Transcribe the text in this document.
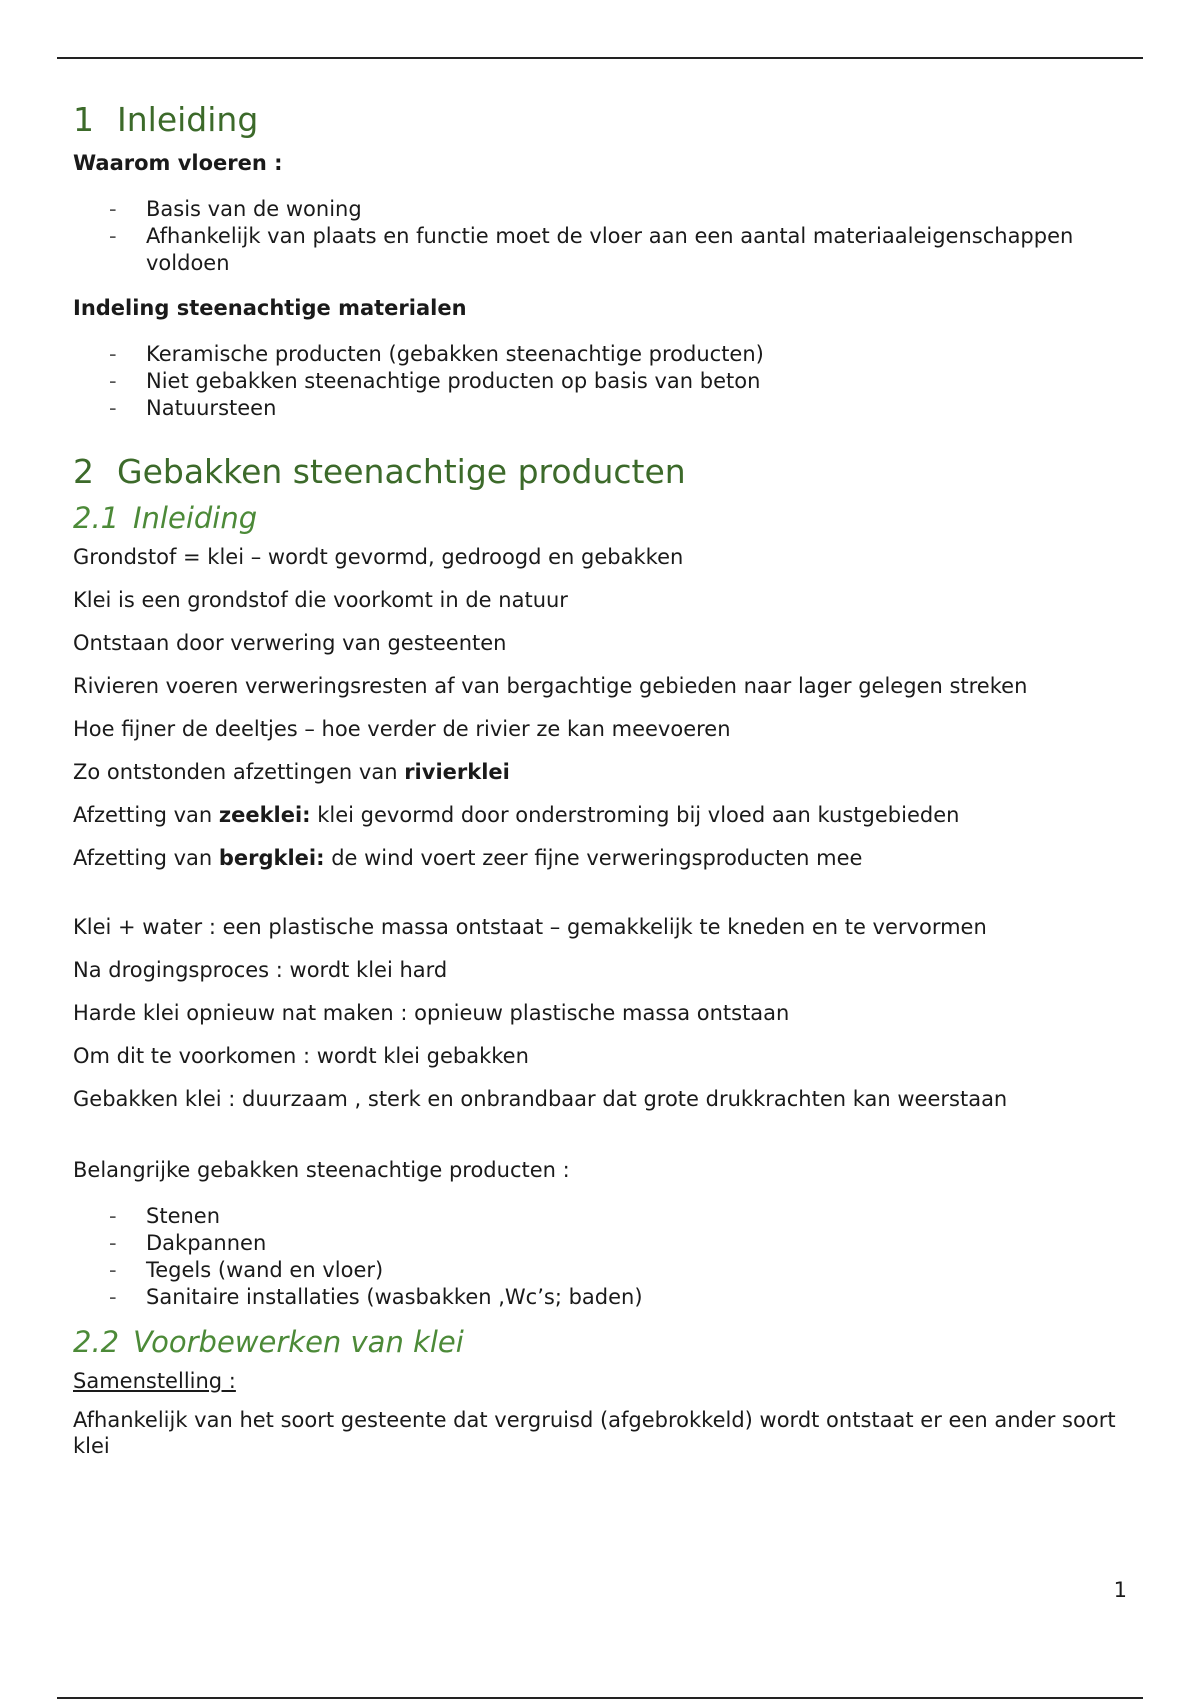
1 Inleiding

Waarom vloeren :

- Basis van de woning
- Afhankelijk van plaats en functie moet de vloer aan een aantal materiaaleigenschappen voldoen

Indeling steenachtige materialen

- Keramische producten (gebakken steenachtige producten)
- Niet gebakken steenachtige producten op basis van beton
- Natuursteen
2 Gebakken steenachtige producten
2.1 Inleiding

Grondstof = klei – wordt gevormd, gedroogd en gebakken

Klei is een grondstof die voorkomt in de natuur

Ontstaan door verwering van gesteenten

Rivieren voeren verweringsresten af van bergachtige gebieden naar lager gelegen streken

Hoe fijner de deeltjes – hoe verder de rivier ze kan meevoeren

Zo ontstonden afzettingen van rivierklei

Afzetting van zeeklei: klei gevormd door onderstroming bij vloed aan kustgebieden

Afzetting van bergklei: de wind voert zeer fijne verweringsproducten mee

Klei + water : een plastische massa ontstaat – gemakkelijk te kneden en te vervormen

Na drogingsproces : wordt klei hard

Harde klei opnieuw nat maken : opnieuw plastische massa ontstaan

Om dit te voorkomen : wordt klei gebakken

Gebakken klei : duurzaam , sterk en onbrandbaar dat grote drukkrachten kan weerstaan

Belangrijke gebakken steenachtige producten :

- Stenen
- Dakpannen
- Tegels (wand en vloer)
- Sanitaire installaties (wasbakken ,Wc’s; baden)
2.2 Voorbewerken van klei

Samenstelling :

Afhankelijk van het soort gesteente dat vergruisd (afgebrokkeld) wordt ontstaat er een ander soort klei

1
